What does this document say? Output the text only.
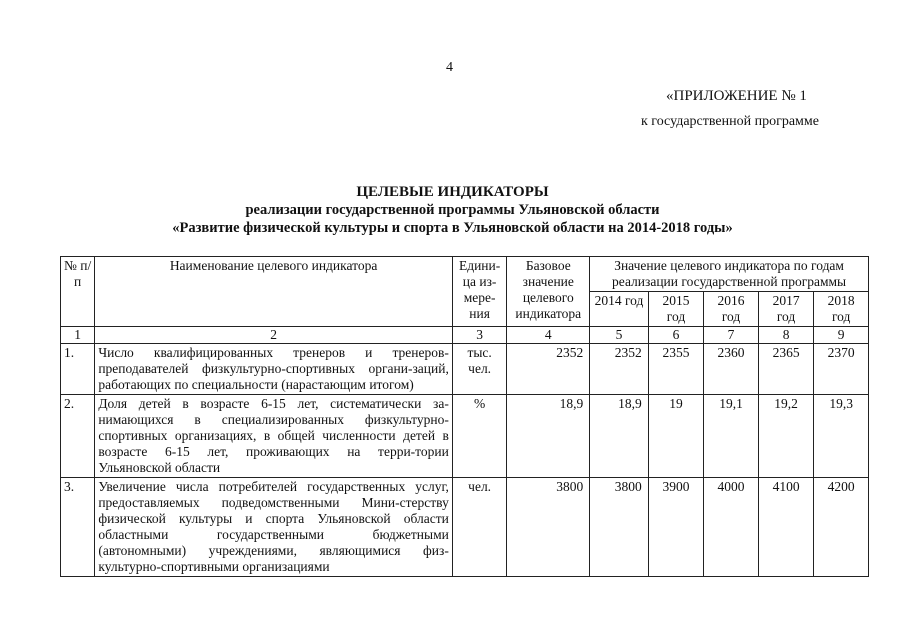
4
«ПРИЛОЖЕНИЕ № 1
к государственной программе
ЦЕЛЕВЫЕ ИНДИКАТОРЫ
реализации государственной программы Ульяновской области
«Развитие физической культуры и спорта в Ульяновской области на 2014-2018 годы»
№ п/п	Наименование целевого индикатора	Едини-ца из-мере-ния	Базовое значение целевого индикатора	Значение целевого индикатора по годам реализации государственной программы				
				2014 год	2015 год	2016 год	2017 год	2018 год
1	2	3	4	5	6	7	8	9
1.	Число квалифицированных тренеров и тренеров-преподавателей физкультурно-спортивных органи-заций, работающих по специальности (нарастающим итогом)	тыс. чел.	2352	2352	2355	2360	2365	2370
2.	Доля детей в возрасте 6-15 лет, систематически за-нимающихся в специализированных физкультурно-спортивных организациях, в общей численности детей в возрасте 6-15 лет, проживающих на терри-тории Ульяновской области	%	18,9	18,9	19	19,1	19,2	19,3
3.	Увеличение числа потребителей государственных услуг, предоставляемых подведомственными Мини-стерству физической культуры и спорта Ульяновской области областными государственными бюджетными (автономными) учреждениями, являющимися физ-культурно-спортивными организациями	чел.	3800	3800	3900	4000	4100	4200
